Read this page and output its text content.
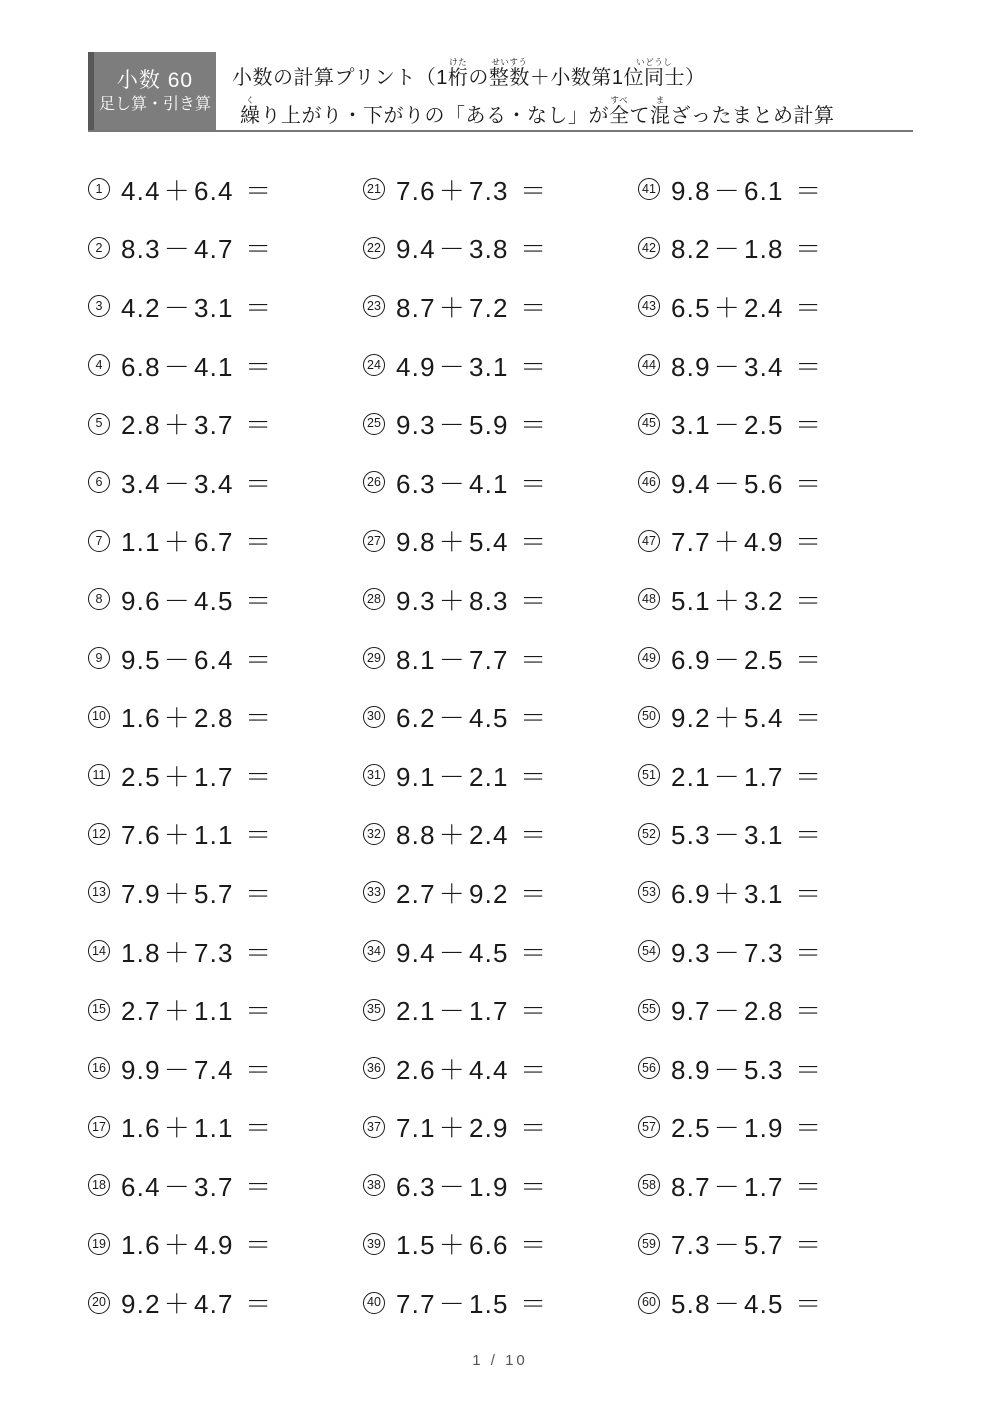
小数 60
足し算・引き算
小数の計算プリント（1桁けたの整数せいすう＋小数第1位同士いどうし）
繰くり上がり・下がりの「ある・なし」が全すべて混まざったまとめ計算
1 4.4 ＋ 6.4 ＝
2 8.3 － 4.7 ＝
3 4.2 － 3.1 ＝
4 6.8 － 4.1 ＝
5 2.8 ＋ 3.7 ＝
6 3.4 － 3.4 ＝
7 1.1 ＋ 6.7 ＝
8 9.6 － 4.5 ＝
9 9.5 － 6.4 ＝
10 1.6 ＋ 2.8 ＝
11 2.5 ＋ 1.7 ＝
12 7.6 ＋ 1.1 ＝
13 7.9 ＋ 5.7 ＝
14 1.8 ＋ 7.3 ＝
15 2.7 ＋ 1.1 ＝
16 9.9 － 7.4 ＝
17 1.6 ＋ 1.1 ＝
18 6.4 － 3.7 ＝
19 1.6 ＋ 4.9 ＝
20 9.2 ＋ 4.7 ＝
21 7.6 ＋ 7.3 ＝
22 9.4 － 3.8 ＝
23 8.7 ＋ 7.2 ＝
24 4.9 － 3.1 ＝
25 9.3 － 5.9 ＝
26 6.3 － 4.1 ＝
27 9.8 ＋ 5.4 ＝
28 9.3 ＋ 8.3 ＝
29 8.1 － 7.7 ＝
30 6.2 － 4.5 ＝
31 9.1 － 2.1 ＝
32 8.8 ＋ 2.4 ＝
33 2.7 ＋ 9.2 ＝
34 9.4 － 4.5 ＝
35 2.1 － 1.7 ＝
36 2.6 ＋ 4.4 ＝
37 7.1 ＋ 2.9 ＝
38 6.3 － 1.9 ＝
39 1.5 ＋ 6.6 ＝
40 7.7 － 1.5 ＝
41 9.8 － 6.1 ＝
42 8.2 － 1.8 ＝
43 6.5 ＋ 2.4 ＝
44 8.9 － 3.4 ＝
45 3.1 － 2.5 ＝
46 9.4 － 5.6 ＝
47 7.7 ＋ 4.9 ＝
48 5.1 ＋ 3.2 ＝
49 6.9 － 2.5 ＝
50 9.2 ＋ 5.4 ＝
51 2.1 － 1.7 ＝
52 5.3 － 3.1 ＝
53 6.9 ＋ 3.1 ＝
54 9.3 － 7.3 ＝
55 9.7 － 2.8 ＝
56 8.9 － 5.3 ＝
57 2.5 － 1.9 ＝
58 8.7 － 1.7 ＝
59 7.3 － 5.7 ＝
60 5.8 － 4.5 ＝
1 / 10
